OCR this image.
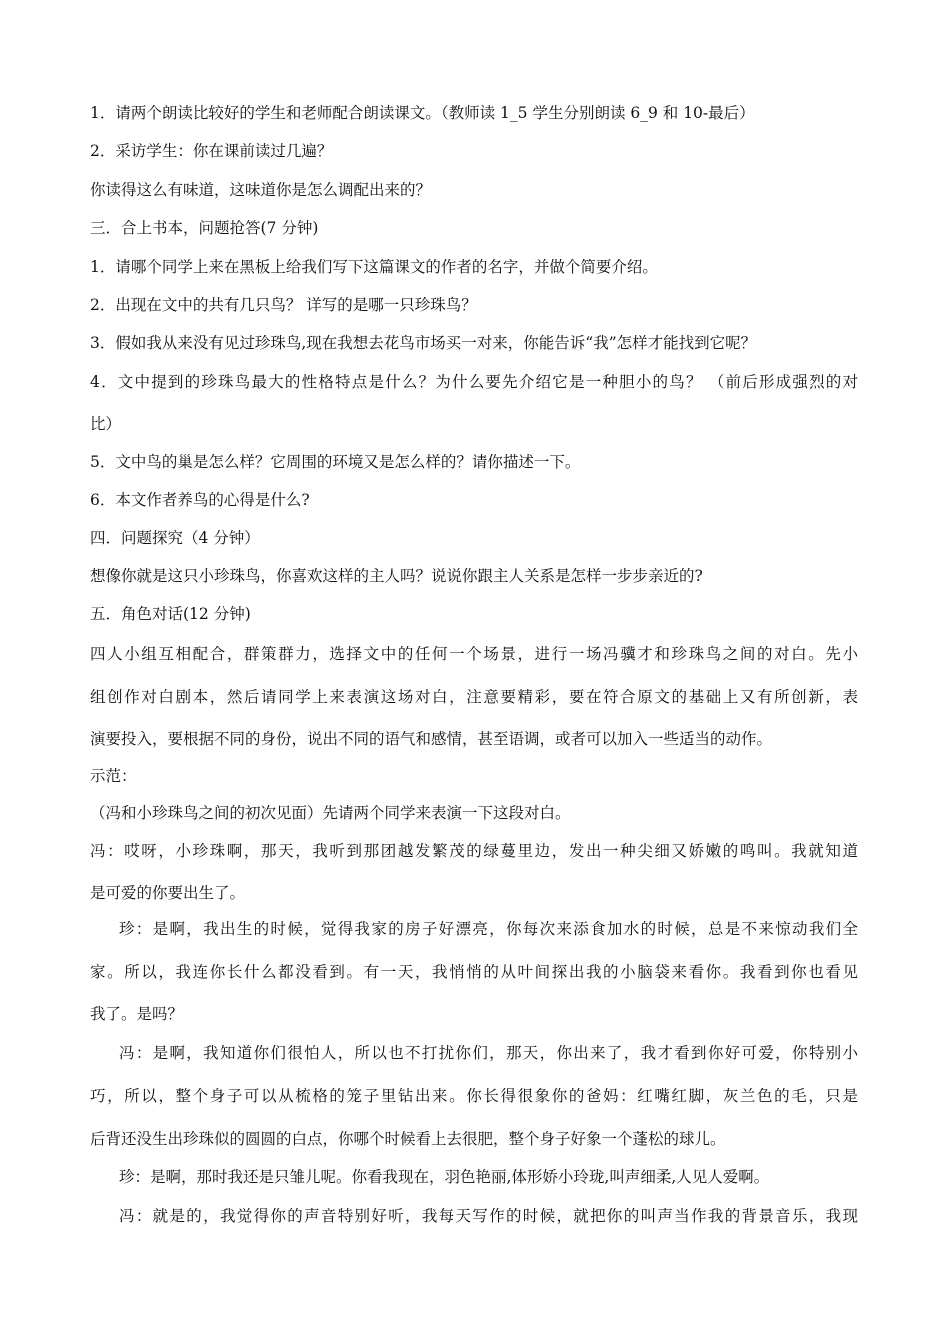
1．请两个朗读比较好的学生和老师配合朗读课文。（教师读 1_5 学生分别朗读 6_9 和 10-最后）
2．采访学生：你在课前读过几遍？
你读得这么有味道，这味道你是怎么调配出来的？
三．合上书本，问题抢答(7 分钟)
1．请哪个同学上来在黑板上给我们写下这篇课文的作者的名字，并做个简要介绍。
2．出现在文中的共有几只鸟？ 详写的是哪一只珍珠鸟？
3．假如我从来没有见过珍珠鸟,现在我想去花鸟市场买一对来，你能告诉“我”怎样才能找到它呢？
4．文中提到的珍珠鸟最大的性格特点是什么？为什么要先介绍它是一种胆小的鸟？ （前后形成强烈的对
比）
5．文中鸟的巢是怎么样？它周围的环境又是怎么样的？请你描述一下。
6．本文作者养鸟的心得是什么?
四．问题探究（4 分钟）
想像你就是这只小珍珠鸟，你喜欢这样的主人吗？说说你跟主人关系是怎样一步步亲近的?
五．角色对话(12 分钟)
四人小组互相配合，群策群力，选择文中的任何一个场景，进行一场冯骥才和珍珠鸟之间的对白。先小
组创作对白剧本，然后请同学上来表演这场对白，注意要精彩，要在符合原文的基础上又有所创新，表
演要投入，要根据不同的身份，说出不同的语气和感情，甚至语调，或者可以加入一些适当的动作。
示范：
（冯和小珍珠鸟之间的初次见面）先请两个同学来表演一下这段对白。
冯：哎呀，小珍珠啊，那天，我听到那团越发繁茂的绿蔓里边，发出一种尖细又娇嫩的鸣叫。我就知道
是可爱的你要出生了。
珍：是啊，我出生的时候，觉得我家的房子好漂亮，你每次来添食加水的时候，总是不来惊动我们全
家。所以，我连你长什么都没看到。有一天，我悄悄的从叶间探出我的小脑袋来看你。我看到你也看见
我了。是吗？
冯：是啊，我知道你们很怕人，所以也不打扰你们，那天，你出来了，我才看到你好可爱，你特别小
巧，所以，整个身子可以从梳格的笼子里钻出来。你长得很象你的爸妈：红嘴红脚，灰兰色的毛，只是
后背还没生出珍珠似的圆圆的白点，你哪个时候看上去很肥，整个身子好象一个蓬松的球儿。
珍：是啊，那时我还是只雏儿呢。你看我现在，羽色艳丽,体形娇小玲珑,叫声细柔,人见人爱啊。
冯：就是的，我觉得你的声音特别好听，我每天写作的时候，就把你的叫声当作我的背景音乐，我现
